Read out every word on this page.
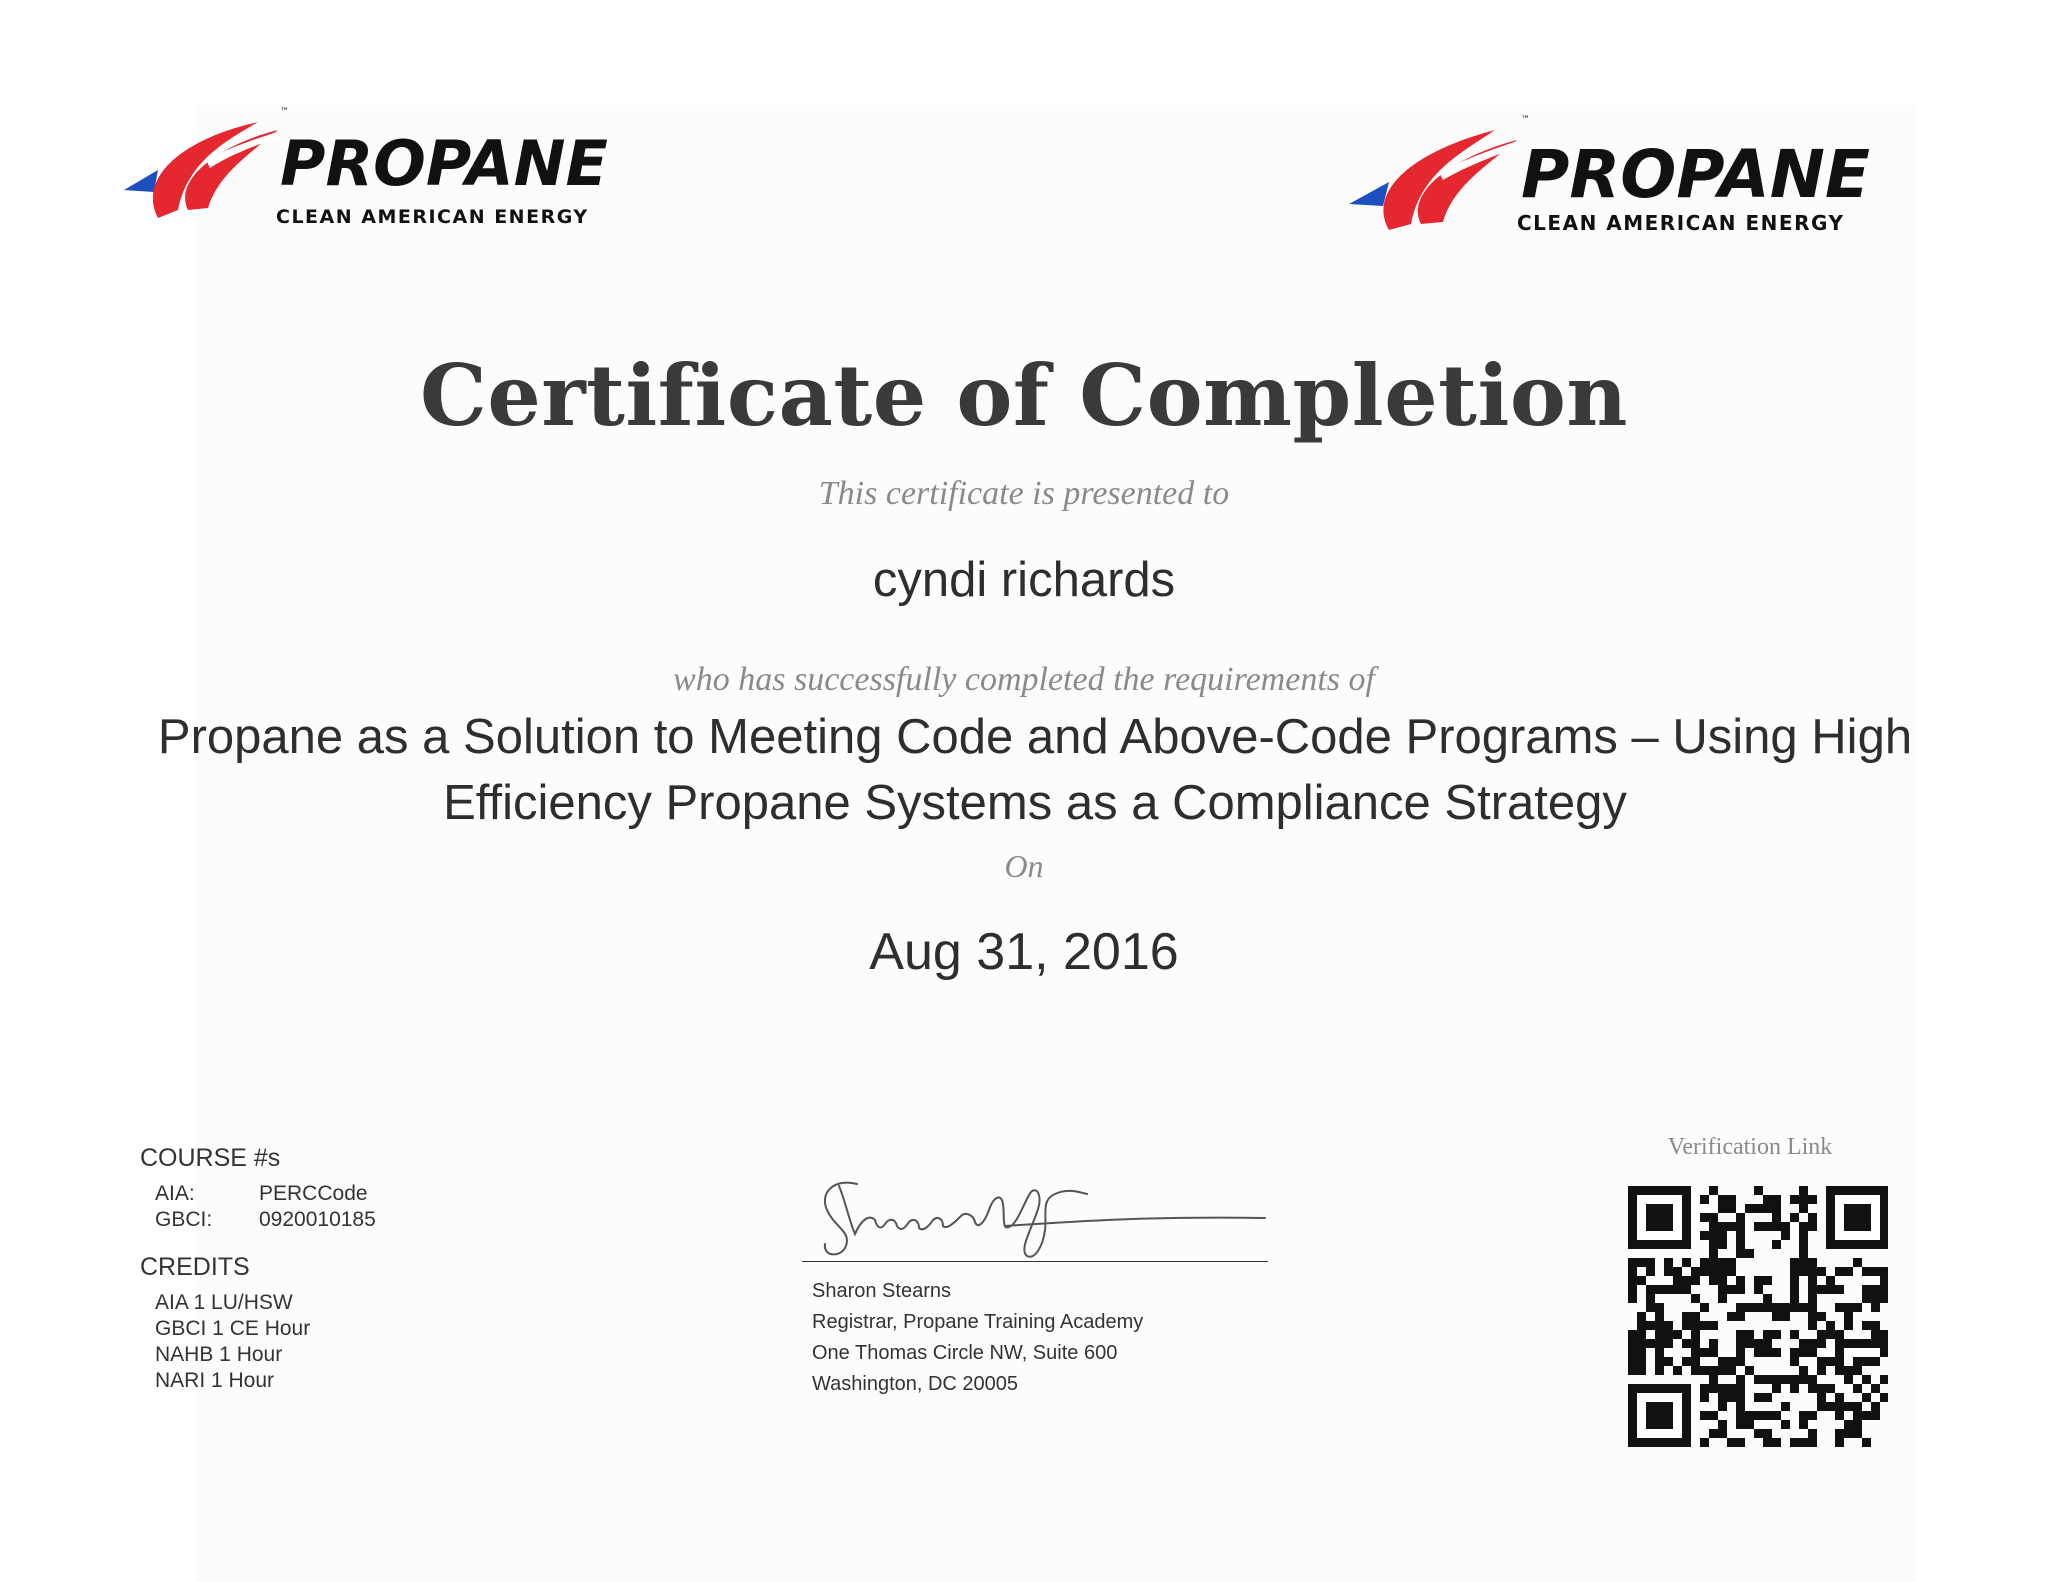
PROPANE
CLEAN AMERICAN ENERGY
™
PROPANE
CLEAN AMERICAN ENERGY
™
Certificate of Completion
This certificate is presented to
cyndi richards
who has successfully completed the requirements of
Propane as a Solution to Meeting Code and Above-Code Programs – Using High Efficiency Propane Systems as a Compliance Strategy
On
Aug 31, 2016
COURSE #s
AIA:	PERCCode
GBCI:	0920010185
CREDITS
AIA 1 LU/HSW
GBCI 1 CE Hour
NAHB 1 Hour
NARI 1 Hour
Sharon Stearns
Registrar, Propane Training Academy
One Thomas Circle NW, Suite 600
Washington, DC 20005
Verification Link
